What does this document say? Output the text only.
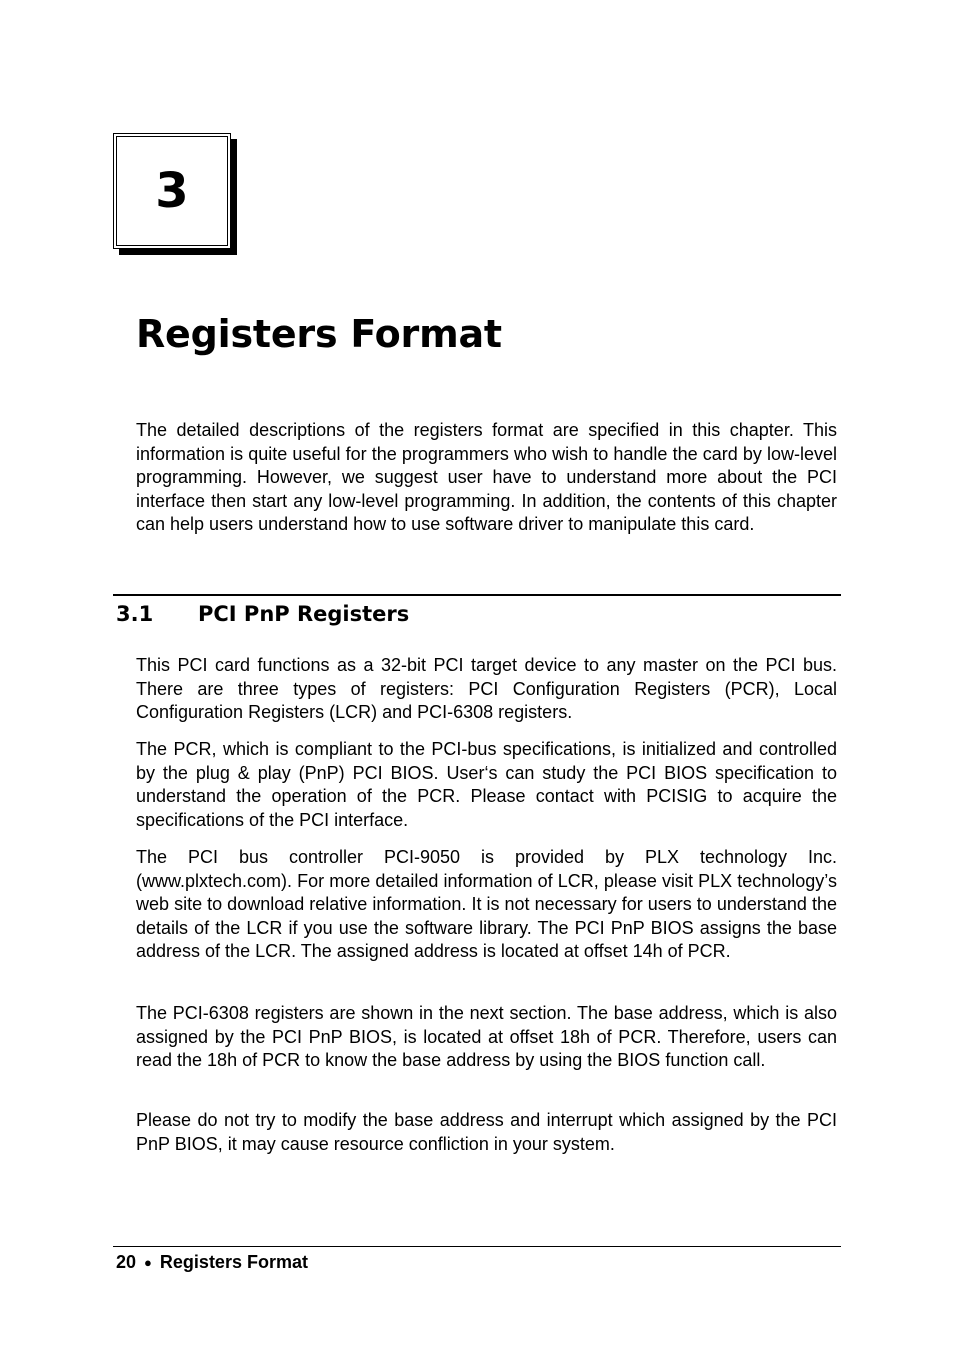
3
Registers Format

The detailed descriptions of the registers format are specified in this chapter. This information is quite useful for the programmers who wish to handle the card by low-level programming. However, we suggest user have to understand more about the PCI interface then start any low-level programming. In addition, the contents of this chapter can help users understand how to use software driver to manipulate this card.

3.1 PCI PnP Registers

This PCI card functions as a 32-bit PCI target device to any master on the PCI bus. There are three types of registers: PCI Configuration Registers (PCR), Local Configuration Registers (LCR) and PCI-6308 registers.

The PCR, which is compliant to the PCI-bus specifications, is initialized and controlled by the plug & play (PnP) PCI BIOS. User‘s can study the PCI BIOS specification to understand the operation of the PCR. Please contact with PCISIG to acquire the specifications of the PCI interface.

The PCI bus controller PCI-9050 is provided by PLX technology Inc. (www.plxtech.com). For more detailed information of LCR, please visit PLX technology’s web site to download relative information. It is not necessary for users to understand the details of the LCR if you use the software library. The PCI PnP BIOS assigns the base address of the LCR. The assigned address is located at offset 14h of PCR.

The PCI-6308 registers are shown in the next section. The base address, which is also assigned by the PCI PnP BIOS, is located at offset 18h of PCR. Therefore, users can read the 18h of PCR to know the base address by using the BIOS function call.

Please do not try to modify the base address and interrupt which assigned by the PCI PnP BIOS, it may cause resource confliction in your system.

20 ● Registers Format
